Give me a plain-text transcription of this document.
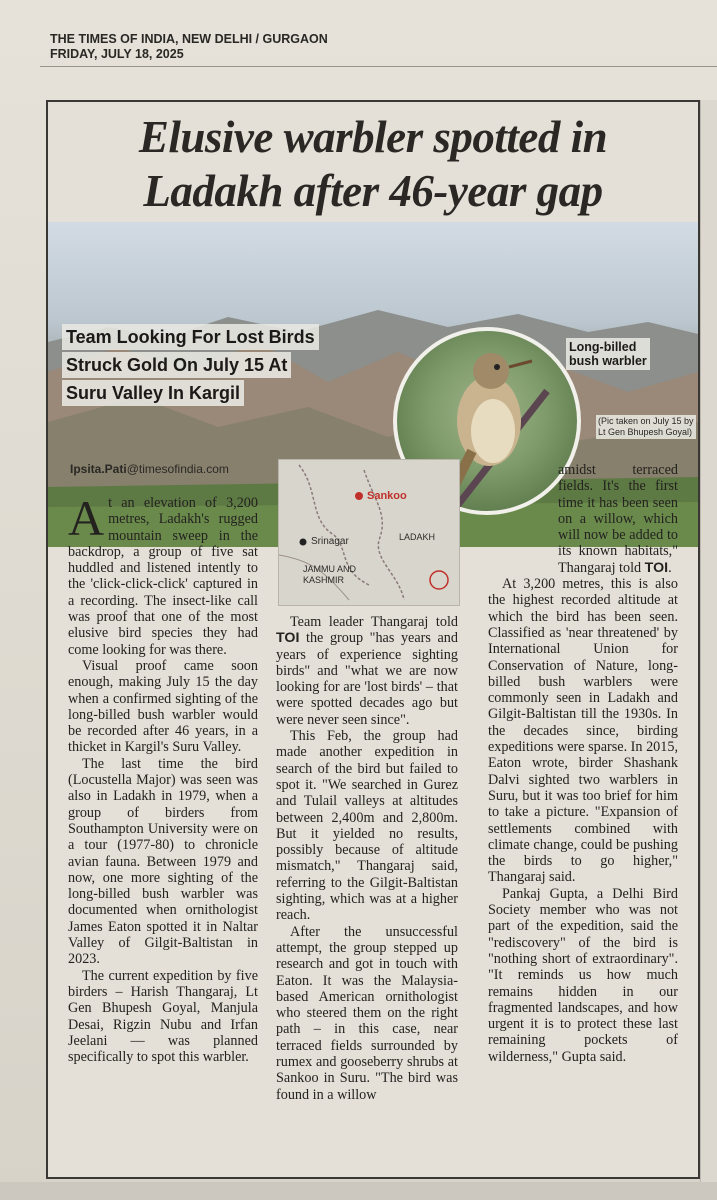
THE TIMES OF INDIA, NEW DELHI / GURGAON
FRIDAY, JULY 18, 2025
Elusive warbler spotted in
Ladakh after 46-year gap
Team Looking For Lost Birds
Struck Gold On July 15 At
Suru Valley In Kargil
Long-billed
bush warbler
(Pic taken on July 15 by
Lt Gen Bhupesh Goyal)
Ipsita.Pati@timesofindia.com

At an elevation of 3,200 metres, Ladakh's rugged mountain sweep in the backdrop, a group of five sat huddled and listened intently to the 'click-click-click' captured in a recording. The insect-like call was proof that one of the most elusive bird species they had come looking for was there.

Visual proof came soon enough, making July 15 the day when a confirmed sighting of the long-billed bush warbler would be recorded after 46 years, in a thicket in Kargil's Suru Valley.

The last time the bird (Locustella Major) was seen was also in Ladakh in 1979, when a group of birders from Southampton University were on a tour (1977-80) to chronicle avian fauna. Between 1979 and now, one more sighting of the long-billed bush warbler was documented when ornithologist James Eaton spotted it in Naltar Valley of Gilgit-Baltistan in 2023.

The current expedition by five birders – Harish Thangaraj, Lt Gen Bhupesh Goyal, Manjula Desai, Rigzin Nubu and Irfan Jeelani — was planned specifically to spot this warbler.

Sankoo
Srinagar	LADAKH
JAMMU AND
KASHMIR

Team leader Thangaraj told TOI the group "has years and years of experience sighting birds" and "what we are now looking for are 'lost birds' – that were spotted decades ago but were never seen since".

This Feb, the group had made another expedition in search of the bird but failed to spot it. "We searched in Gurez and Tulail valleys at altitudes between 2,400m and 2,800m. But it yielded no results, possibly because of altitude mismatch," Thangaraj said, referring to the Gilgit-Baltistan sighting, which was at a higher reach.

After the unsuccessful attempt, the group stepped up research and got in touch with Eaton. It was the Malaysia-based American ornithologist who steered them on the right path – in this case, near terraced fields surrounded by rumex and gooseberry shrubs at Sankoo in Suru. "The bird was found in a willow

amidst terraced fields. It's the first time it has been seen on a willow, which will now be added to its known habitats," Thangaraj told TOI.

At 3,200 metres, this is also the highest recorded altitude at which the bird has been seen. Classified as 'near threatened' by International Union for Conservation of Nature, long-billed bush warblers were commonly seen in Ladakh and Gilgit-Baltistan till the 1930s. In the decades since, birding expeditions were sparse. In 2015, Eaton wrote, birder Shashank Dalvi sighted two warblers in Suru, but it was too brief for him to take a picture. "Expansion of settlements combined with climate change, could be pushing the birds to go higher," Thangaraj said.

Pankaj Gupta, a Delhi Bird Society member who was not part of the expedition, said the "rediscovery" of the bird is "nothing short of extraordinary". "It reminds us how much remains hidden in our fragmented landscapes, and how urgent it is to protect these last remaining pockets of wilderness," Gupta said.
